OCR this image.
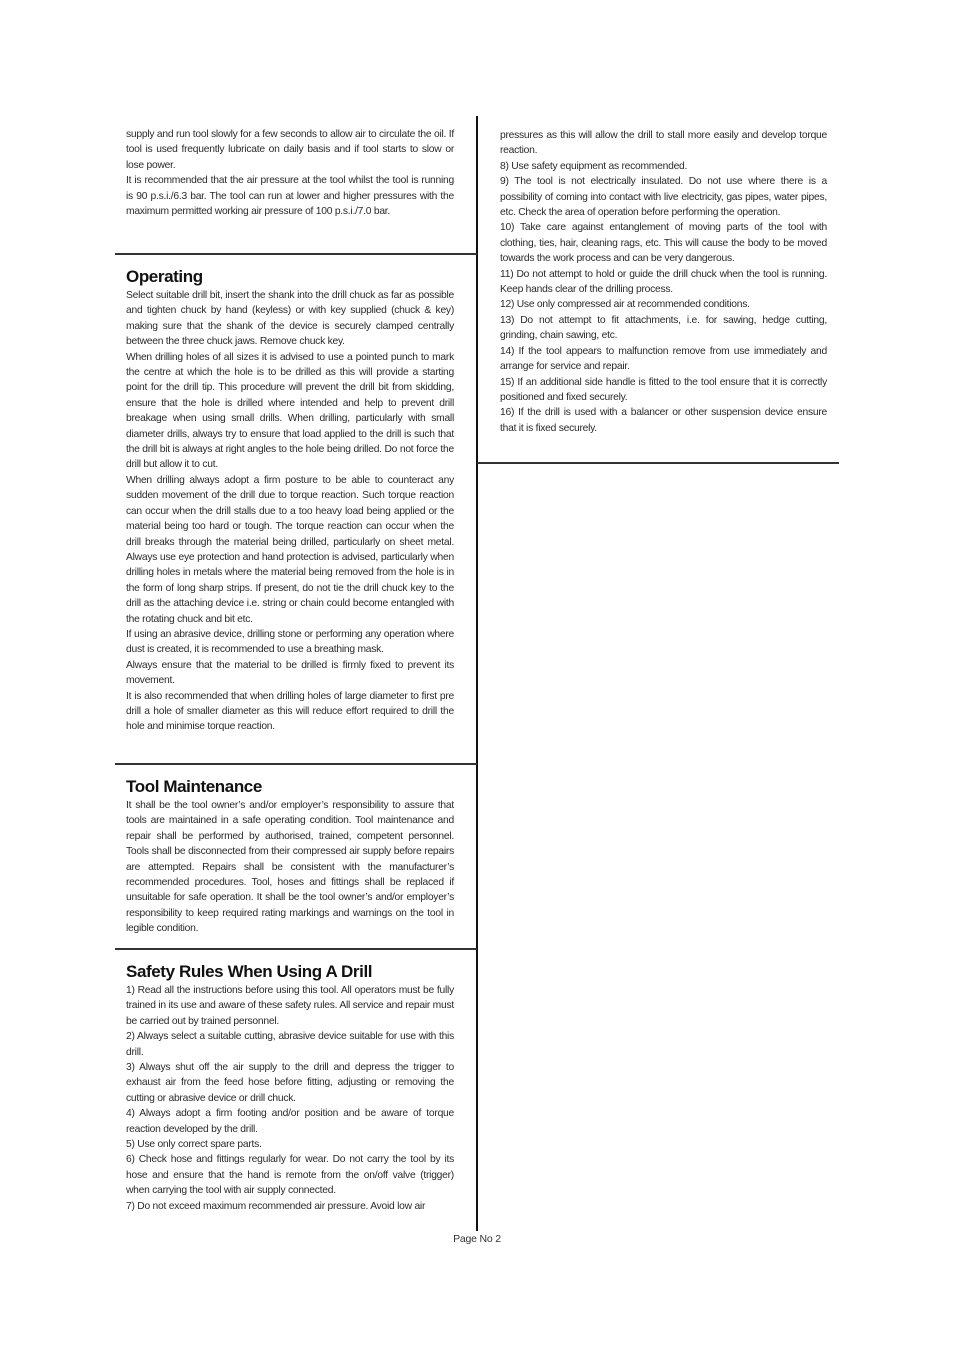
supply and run tool slowly for a few seconds to allow air to circulate the oil. If tool is used frequently lubricate on daily basis and if tool starts to slow or lose power.

It is recommended that the air pressure at the tool whilst the tool is running is 90 p.s.i./6.3 bar. The tool can run at lower and higher pressures with the maximum permitted working air pressure of 100 p.s.i./7.0 bar.

Operating

Select suitable drill bit, insert the shank into the drill chuck as far as possible and tighten chuck by hand (keyless) or with key supplied (chuck & key) making sure that the shank of the device is securely clamped centrally between the three chuck jaws. Remove chuck key.

When drilling holes of all sizes it is advised to use a pointed punch to mark the centre at which the hole is to be drilled as this will provide a starting point for the drill tip. This procedure will prevent the drill bit from skidding, ensure that the hole is drilled where intended and help to prevent drill breakage when using small drills. When drilling, particularly with small diameter drills, always try to ensure that load applied to the drill is such that the drill bit is always at right angles to the hole being drilled. Do not force the drill but allow it to cut.

When drilling always adopt a firm posture to be able to counteract any sudden movement of the drill due to torque reaction. Such torque reaction can occur when the drill stalls due to a too heavy load being applied or the material being too hard or tough. The torque reaction can occur when the drill breaks through the material being drilled, particularly on sheet metal. Always use eye protection and hand protection is advised, particularly when drilling holes in metals where the material being removed from the hole is in the form of long sharp strips. If present, do not tie the drill chuck key to the drill as the attaching device i.e. string or chain could become entangled with the rotating chuck and bit etc.

If using an abrasive device, drilling stone or performing any operation where dust is created, it is recommended to use a breathing mask.

Always ensure that the material to be drilled is firmly fixed to prevent its movement.

It is also recommended that when drilling holes of large diameter to first pre drill a hole of smaller diameter as this will reduce effort required to drill the hole and minimise torque reaction.

Tool Maintenance

It shall be the tool owner’s and/or employer’s responsibility to assure that tools are maintained in a safe operating condition. Tool maintenance and repair shall be performed by authorised, trained, competent personnel. Tools shall be disconnected from their compressed air supply before repairs are attempted. Repairs shall be consistent with the manufacturer’s recommended procedures. Tool, hoses and fittings shall be replaced if unsuitable for safe operation. It shall be the tool owner’s and/or employer’s responsibility to keep required rating markings and warnings on the tool in legible condition.

Safety Rules When Using A Drill

1) Read all the instructions before using this tool. All operators must be fully trained in its use and aware of these safety rules. All service and repair must be carried out by trained personnel.

2) Always select a suitable cutting, abrasive device suitable for use with this drill.

3) Always shut off the air supply to the drill and depress the trigger to exhaust air from the feed hose before fitting, adjusting or removing the cutting or abrasive device or drill chuck.

4) Always adopt a firm footing and/or position and be aware of torque reaction developed by the drill.

5) Use only correct spare parts.

6) Check hose and fittings regularly for wear. Do not carry the tool by its hose and ensure that the hand is remote from the on/off valve (trigger) when carrying the tool with air supply connected.

7) Do not exceed maximum recommended air pressure. Avoid low air

pressures as this will allow the drill to stall more easily and develop torque reaction.

8) Use safety equipment as recommended.

9) The tool is not electrically insulated. Do not use where there is a possibility of coming into contact with live electricity, gas pipes, water pipes, etc. Check the area of operation before performing the operation.

10) Take care against entanglement of moving parts of the tool with clothing, ties, hair, cleaning rags, etc. This will cause the body to be moved towards the work process and can be very dangerous.

11) Do not attempt to hold or guide the drill chuck when the tool is running. Keep hands clear of the drilling process.

12) Use only compressed air at recommended conditions.

13) Do not attempt to fit attachments, i.e. for sawing, hedge cutting, grinding, chain sawing, etc.

14) If the tool appears to malfunction remove from use immediately and arrange for service and repair.

15) If an additional side handle is fitted to the tool ensure that it is correctly positioned and fixed securely.

16) If the drill is used with a balancer or other suspension device ensure that it is fixed securely.

Page No 2
